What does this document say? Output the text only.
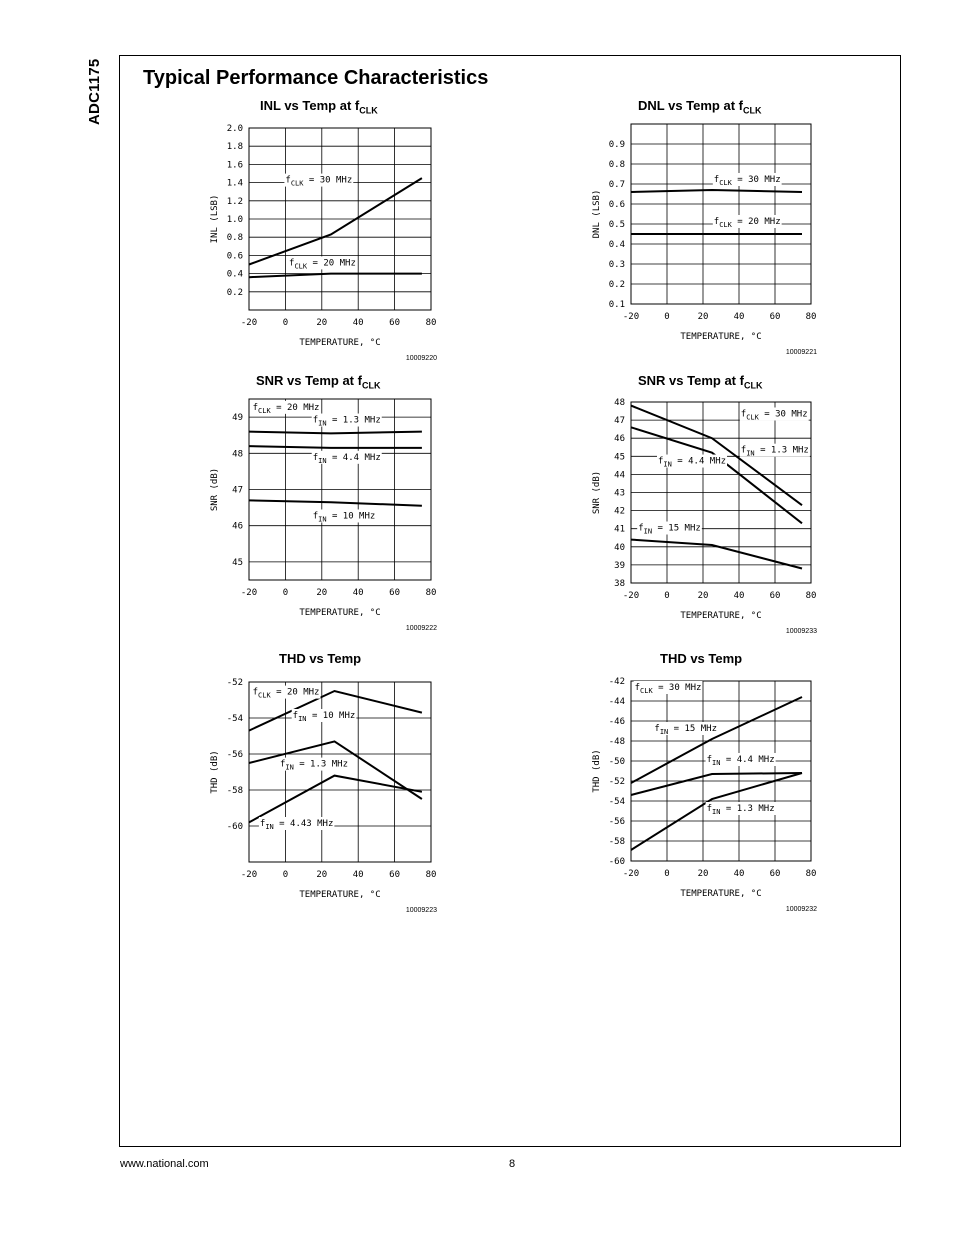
ADC1175 Typical Performance Characteristics
INL vs Temp at $f_{CLK}$
-20	0	20	40	60	80
0.2
0.4
0.6
0.8
1.0
1.2
1.4
1.6
1.8
2.0
TEMPERATURE, °C
INL (LSB)
10009220
$f_{CLK} = 30$ MHz
$f_{CLK} = 20$ MHz
DNL vs Temp at $f_{CLK}$
-20	0	20	40	60	80
0.1
0.2
0.3
0.4
0.5
0.6
0.7
0.8
0.9
TEMPERATURE, °C
DNL (LSB)
10009221
$f_{CLK} = 30$ MHz
$f_{CLK} = 20$ MHz
SNR vs Temp at $f_{CLK}$
-20	0	20	40	60	80
45
46
47
48
49
TEMPERATURE, °C
SNR (dB)
10009222
$f_{CLK} = 20$ MHz
$f_{IN} = 1.3$ MHz
$f_{IN} = 4.4$ MHz
$f_{IN} = 10$ MHz
SNR vs Temp at $f_{CLK}$
-20	0	20	40	60	80
38
39
40
41
42
43
44
45
46
47
48
TEMPERATURE, °C
SNR (dB)
10009233
$f_{CLK} = 30$ MHz
$f_{IN} = 1.3$ MHz
$f_{IN} = 4.4$ MHz
$f_{IN} = 15$ MHz
THD vs Temp
-20	0	20	40	60	80
-60
-58
-56
-54
-52
TEMPERATURE, °C
THD (dB)
10009223
$f_{CLK} = 20$ MHz
$f_{IN} = 10$ MHz
$f_{IN} = 1.3$ MHz
$f_{IN} = 4.43$ MHz
THD vs Temp
-20	0	20	40	60	80
-60
-58
-56
-54
-52
-50
-48
-46
-44
-42
TEMPERATURE, °C
THD (dB)
10009232
$f_{CLK} = 30$ MHz
$f_{IN} = 15$ MHz
$f_{IN} = 4.4$ MHz
$f_{IN} = 1.3$ MHz
www.national.com	8
